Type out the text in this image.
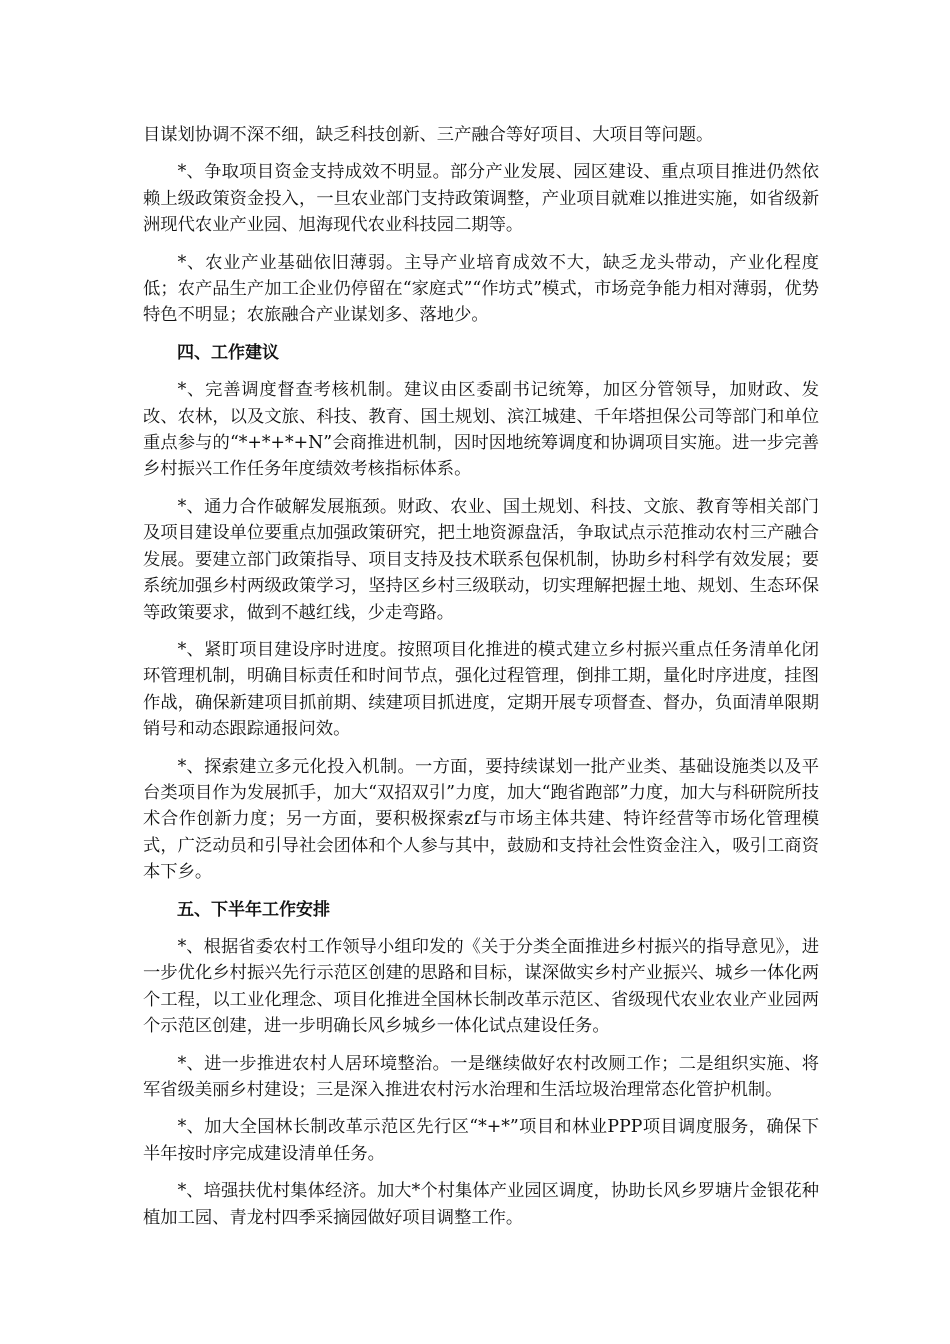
目谋划协调不深不细，缺乏科技创新、三产融合等好项目、大项目等问题。

*、争取项目资金支持成效不明显。部分产业发展、园区建设、重点项目推进仍然依赖上级政策资金投入，一旦农业部门支持政策调整，产业项目就难以推进实施，如省级新洲现代农业产业园、旭海现代农业科技园二期等。

*、农业产业基础依旧薄弱。主导产业培育成效不大，缺乏龙头带动，产业化程度低；农产品生产加工企业仍停留在“家庭式”“作坊式”模式，市场竞争能力相对薄弱，优势特色不明显；农旅融合产业谋划多、落地少。

四、工作建议

*、完善调度督查考核机制。建议由区委副书记统筹，加区分管领导，加财政、发改、农林，以及文旅、科技、教育、国土规划、滨江城建、千年塔担保公司等部门和单位重点参与的“*+*+*+N”会商推进机制，因时因地统筹调度和协调项目实施。进一步完善乡村振兴工作任务年度绩效考核指标体系。

*、通力合作破解发展瓶颈。财政、农业、国土规划、科技、文旅、教育等相关部门及项目建设单位要重点加强政策研究，把土地资源盘活，争取试点示范推动农村三产融合发展。要建立部门政策指导、项目支持及技术联系包保机制，协助乡村科学有效发展；要系统加强乡村两级政策学习，坚持区乡村三级联动，切实理解把握土地、规划、生态环保等政策要求，做到不越红线，少走弯路。

*、紧盯项目建设序时进度。按照项目化推进的模式建立乡村振兴重点任务清单化闭环管理机制，明确目标责任和时间节点，强化过程管理，倒排工期，量化时序进度，挂图作战，确保新建项目抓前期、续建项目抓进度，定期开展专项督查、督办，负面清单限期销号和动态跟踪通报问效。

*、探索建立多元化投入机制。一方面，要持续谋划一批产业类、基础设施类以及平台类项目作为发展抓手，加大“双招双引”力度，加大“跑省跑部”力度，加大与科研院所技术合作创新力度；另一方面，要积极探索zf与市场主体共建、特许经营等市场化管理模式，广泛动员和引导社会团体和个人参与其中，鼓励和支持社会性资金注入，吸引工商资本下乡。

五、下半年工作安排

*、根据省委农村工作领导小组印发的《关于分类全面推进乡村振兴的指导意见》，进一步优化乡村振兴先行示范区创建的思路和目标，谋深做实乡村产业振兴、城乡一体化两个工程，以工业化理念、项目化推进全国林长制改革示范区、省级现代农业农业产业园两个示范区创建，进一步明确长风乡城乡一体化试点建设任务。

*、进一步推进农村人居环境整治。一是继续做好农村改厕工作；二是组织实施、将军省级美丽乡村建设；三是深入推进农村污水治理和生活垃圾治理常态化管护机制。

*、加大全国林长制改革示范区先行区“*+*”项目和林业PPP项目调度服务，确保下半年按时序完成建设清单任务。

*、培强扶优村集体经济。加大*个村集体产业园区调度，协助长风乡罗塘片金银花种植加工园、青龙村四季采摘园做好项目调整工作。
